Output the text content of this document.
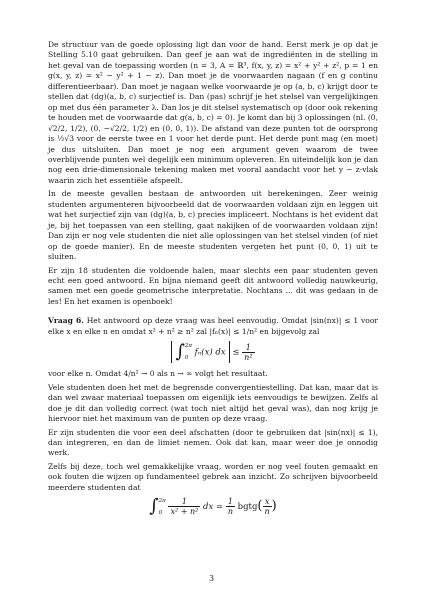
De structuur van de goede oplossing ligt dan voor de hand. Eerst merk je op dat je Stelling 5.10 gaat gebruiken. Dan geef je aan wat de ingrediënten in de stelling in het geval van de toepassing worden (n = 3, A = ℝ³, f(x, y, z) = x² + y² + z², p = 1 en g(x, y, z) = x² − y² + 1 − z). Dan moet je de voorwaarden nagaan (f en g continu differentieerbaar). Dan moet je nagaan welke voorwaarde je op (a, b, c) krijgt door te stellen dat (dg)(a, b, c) surjectief is. Dan (pas) schrijf je het stelsel van vergelijkingen op met dus één parameter λ. Dan los je dit stelsel systematisch op (door ook rekening te houden met de voorwaarde dat g(a, b, c) = 0). Je komt dan bij 3 oplossingen (nl. (0, √2/2, 1/2), (0, −√2/2, 1/2) en (0, 0, 1)). De afstand van deze punten tot de oorsprong is ½√3 voor de eerste twee en 1 voor het derde punt. Het derde punt mag (en moet) je dus uitsluiten. Dan moet je nog een argument geven waarom de twee overblijvende punten wel degelijk een minimum opleveren. En uiteindelijk kon je dan nog een drie-dimensionale tekening maken met vooral aandacht voor het y − z-vlak waarin zich het essentiële afspeelt.

In de meeste gevallen bestaan de antwoorden uit berekeningen. Zeer weinig studenten argumenteren bijvoorbeeld dat de voorwaarden voldaan zijn en leggen uit wat het surjectief zijn van (dg)(a, b, c) precies impliceert. Nochtans is het evident dat je, bij het toepassen van een stelling, gaat nakijken of de voorwaarden voldaan zijn! Dan zijn er nog vele studenten die niet alle oplossingen van het stelsel vinden (of niet op de goede manier). En de meeste studenten vergeten het punt (0, 0, 1) uit te sluiten.

Er zijn 18 studenten die voldoende halen, maar slechts een paar studenten geven echt een goed antwoord. En bijna niemand geeft dit antwoord volledig nauwkeurig, samen met een goede geometrische interpretatie. Nochtans ... dit was gedaan in de les! En het examen is openboek!

Vraag 6. Het antwoord op deze vraag was heel eenvoudig. Omdat |sin(nx)| ≤ 1 voor elke x en elke n en omdat x² + n² ≥ n² zal |fₙ(x)| ≤ 1/n² en bijgevolg zal

∫2π

0 fₙ(x) dx ≤ $\frac{1}{\text{n²}}$

voor elke n. Omdat 4/n² → 0 als n → ∞ volgt het resultaat.

Vele studenten doen het met de begrensde convergentiestelling. Dat kan, maar dat is dan wel zwaar materiaal toepassen om eigenlijk iets eenvoudigs te bewijzen. Zelfs al doe je dit dan volledig correct (wat toch niet altijd het geval was), dan nog krijg je hiervoor niet het maximum van de punten op deze vraag.

Er zijn studenten die voor een deel afschatten (door te gebruiken dat |sin(nx)| ≤ 1), dan integreren, en dan de limiet nemen. Ook dat kan, maar weer doe je onnodig werk.

Zelfs bij deze, toch wel gemakkelijke vraag, worden er nog veel fouten gemaakt en ook fouten die wijzen op fundamenteel gebrek aan inzicht. Zo schrijven bijvoorbeeld meerdere studenten dat

∫2π

$0 \frac{1}{\text{x² + n²}}$ dx = $\frac{1}{n}$ bgtg( $\frac{x}{n}$ )
3
